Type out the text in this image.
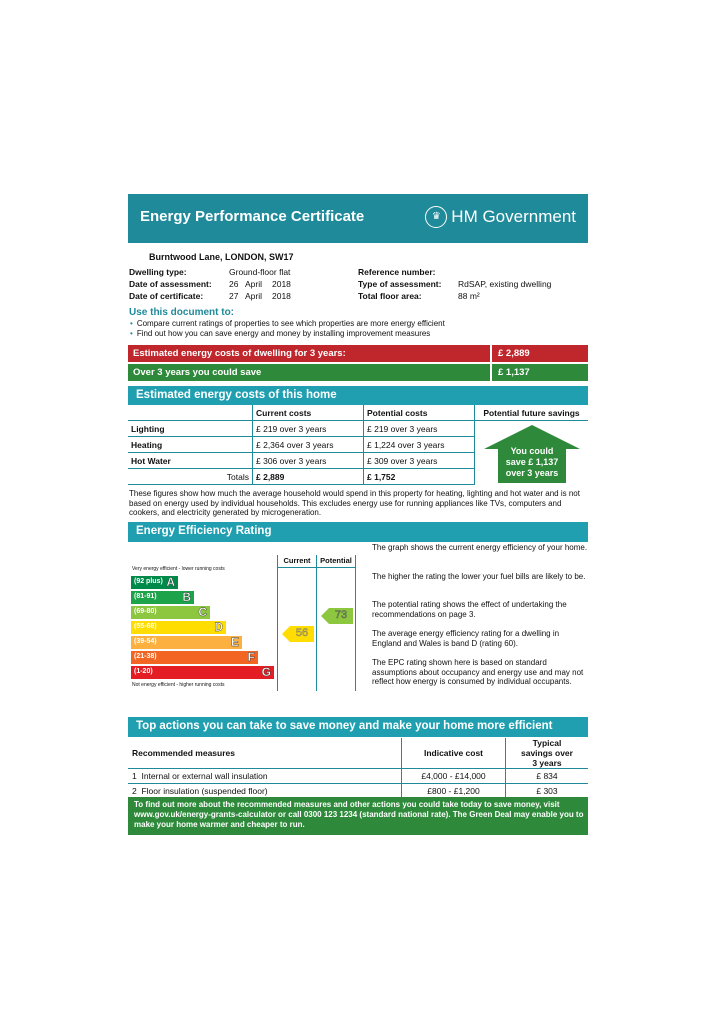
Energy Performance Certificate	♛ HM Government
Burntwood Lane, LONDON, SW17
Dwelling type:	Ground-floor flat
Date of assessment: 26 April 2018
Date of certificate:	27 April 2018
Reference number:
Type of assessment: RdSAP, existing dwelling
Total floor area:	88 m²
Use this document to:
• Compare current ratings of properties to see which properties are more energy efficient
• Find out how you can save energy and money by installing improvement measures
Estimated energy costs of dwelling for 3 years:	£ 2,889
Over 3 years you could save	£ 1,137
Estimated energy costs of this home
	Current costs	Potential costs	Potential future savings
Lighting	£ 219 over 3 years	£ 219 over 3 years	
Heating	£ 2,364 over 3 years	£ 1,224 over 3 years	
Hot Water	£ 306 over 3 years	£ 309 over 3 years	
Totals	£ 2,889	£ 1,752	
You could
save £ 1,137
over 3 years
These figures show how much the average household would spend in this property for heating, lighting and hot water and is not based on energy used by individual households. This excludes energy use for running appliances like TVs, computers and cookers, and electricity generated by microgeneration.
Energy Efficiency Rating
Current	Potential
Very energy efficient - lower running costs
Not energy efficient - higher running costs
(92 plus) A
(81-91) B
(69-80)	C
(55-68)	D
(39-54)	E
(21-38)	F
(1-20)	G
56
73
The graph shows the current energy efficiency of your home.
The higher the rating the lower your fuel bills are likely to be.
The potential rating shows the effect of undertaking the recommendations on page 3.
The average energy efficiency rating for a dwelling in England and Wales is band D (rating 60).
The EPC rating shown here is based on standard assumptions about occupancy and energy use and may not reflect how energy is consumed by individual occupants.
Top actions you can take to save money and make your home more efficient
Recommended measures	Indicative cost	Typical savings over 3 years
1 Internal or external wall insulation	£4,000 - £14,000	£ 834
2 Floor insulation (suspended floor)	£800 - £1,200	£ 303
To find out more about the recommended measures and other actions you could take today to save money, visit www.gov.uk/energy-grants-calculator or call 0300 123 1234 (standard national rate). The Green Deal may enable you to make your home warmer and cheaper to run.
